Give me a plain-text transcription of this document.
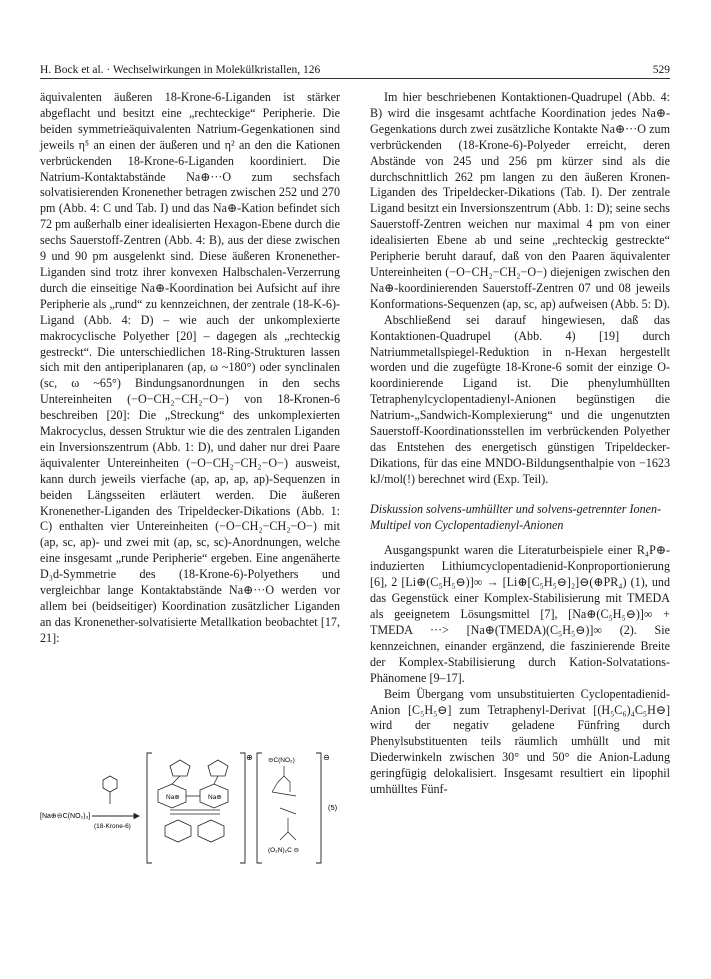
H. Bock et al. · Wechselwirkungen in Molekülkristallen, 126	529

äquivalenten äußeren 18-Krone-6-Liganden ist stärker abgeflacht und besitzt eine „rechteckige“ Peripherie. Die beiden symmetrieäquivalenten Natrium-Gegenkationen sind jeweils η⁵ an einen der äußeren und η² an den die Kationen verbrückenden 18-Krone-6-Liganden koordiniert. Die Natrium-Kontaktabstände Na⊕···O zum sechsfach solvatisierenden Kronenether betragen zwischen 252 und 270 pm (Abb. 4: C und Tab. I) und das Na⊕-Kation befindet sich 72 pm außerhalb einer idealisierten Hexagon-Ebene durch die sechs Sauerstoff-Zentren (Abb. 4: B), aus der diese zwischen 9 und 90 pm ausgelenkt sind. Diese äußeren Kronenether-Liganden sind trotz ihrer konvexen Halbschalen-Verzerrung durch die einseitige Na⊕-Koordination bei Aufsicht auf ihre Peripherie als „rund“ zu kennzeichnen, der zentrale (18-K-6)-Ligand (Abb. 4: D) – wie auch der unkomplexierte makrocyclische Polyether [20] – dagegen als „rechteckig gestreckt“. Die unterschiedlichen 18-Ring-Strukturen lassen sich mit den antiperiplanaren (ap, ω ~180°) oder synclinalen (sc, ω ~65°) Bindungsanordnungen in den sechs Untereinheiten (−O−CH₂−CH₂−O−) von 18-Kronen-6 beschreiben [20]: Die „Streckung“ des unkomplexierten Makrocyclus, dessen Struktur wie die des zentralen Liganden ein Inversionszentrum (Abb. 1: D), und daher nur drei Paare äquivalenter Untereinheiten (−O−CH₂−CH₂−O−) ausweist, kann durch jeweils vierfache (ap, ap, ap, ap)-Sequenzen in beiden Längsseiten erläutert werden. Die äußeren Kronenether-Liganden des Tripeldecker-Dikations (Abb. 1: C) enthalten vier Untereinheiten (−O−CH₂−CH₂−O−) mit (ap, sc, ap)- und zwei mit (ap, sc, sc)-Anordnungen, welche eine insgesamt „runde Peripherie“ ergeben. Eine angenäherte D₃d-Symmetrie des (18-Krone-6)-Polyethers und vergleichbar lange Kontaktabstände Na⊕···O werden vor allem bei (beidseitiger) Koordination zusätzlicher Liganden an das Kronenether-solvatisierte Metallkation beobachtet [17, 21]:

[Na⊕⊖C(NO₂)₃]
(18-Krone-6)
⊕
Na⊕	Na⊕
⊖
⊖C(NO₂)
(O₂N)₂C ⊖
(5)

Im hier beschriebenen Kontaktionen-Quadrupel (Abb. 4: B) wird die insgesamt achtfache Koordination jedes Na⊕-Gegenkations durch zwei zusätzliche Kontakte Na⊕···O zum verbrückenden (18-Krone-6)-Polyeder erreicht, deren Abstände von 245 und 256 pm kürzer sind als die durchschnittlich 262 pm langen zu den äußeren Kronen-Liganden des Tripeldecker-Dikations (Tab. I). Der zentrale Ligand besitzt ein Inversionszentrum (Abb. 1: D); seine sechs Sauerstoff-Zentren weichen nur maximal 4 pm von einer idealisierten Ebene ab und seine „rechteckig gestreckte“ Peripherie beruht darauf, daß von den Paaren äquivalenter Untereinheiten (−O−CH₂−CH₂−O−) diejenigen zwischen den Na⊕-koordinierenden Sauerstoff-Zentren 07 und 08 jeweils Konformations-Sequenzen (ap, sc, ap) aufweisen (Abb. 5: D).

Abschließend sei darauf hingewiesen, daß das Kontaktionen-Quadrupel (Abb. 4) [19] durch Natriummetallspiegel-Reduktion in n-Hexan hergestellt worden und die zugefügte 18-Krone-6 somit der einzige O-koordinierende Ligand ist. Die phenylumhüllten Tetraphenylcyclopentadienyl-Anionen begünstigen die Natrium-„Sandwich-Komplexierung“ und die ungenutzten Sauerstoff-Koordinationsstellen im verbrückenden Polyether das Entstehen des energetisch günstigen Tripeldecker-Dikations, für das eine MNDO-Bildungsenthalpie von −1623 kJ/mol(!) berechnet wird (Exp. Teil).

Diskussion solvens-umhüllter und solvens-getrennter Ionen-Multipel von Cyclopentadienyl-Anionen

Ausgangspunkt waren die Literaturbeispiele einer R₄P⊕-induzierten Lithiumcyclopentadienid-Konproportionierung [6], 2 [Li⊕(C₅H₅⊖)]∞ → [Li⊕[C₅H₅⊖]₂]⊖(⊕PR₄) (1), und das Gegenstück einer Komplex-Stabilisierung mit TMEDA als geeignetem Lösungsmittel [7], [Na⊕(C₅H₅⊖)]∞ + TMEDA ···> [Na⊕(TMEDA)(C₅H₅⊖)]∞ (2). Sie kennzeichnen, einander ergänzend, die faszinierende Breite der Komplex-Stabilisierung durch Kation-Solvatations-Phänomene [9–17].

Beim Übergang vom unsubstituierten Cyclopentadienid-Anion [C₅H₅⊖] zum Tetraphenyl-Derivat [(H₅C₆)₄C₅H⊖] wird der negativ geladene Fünfring durch Phenylsubstituenten teils räumlich umhüllt und mit Diederwinkeln zwischen 30° und 50° die Anion-Ladung geringfügig delokalisiert. Insgesamt resultiert ein lipophil umhülltes Fünf-
